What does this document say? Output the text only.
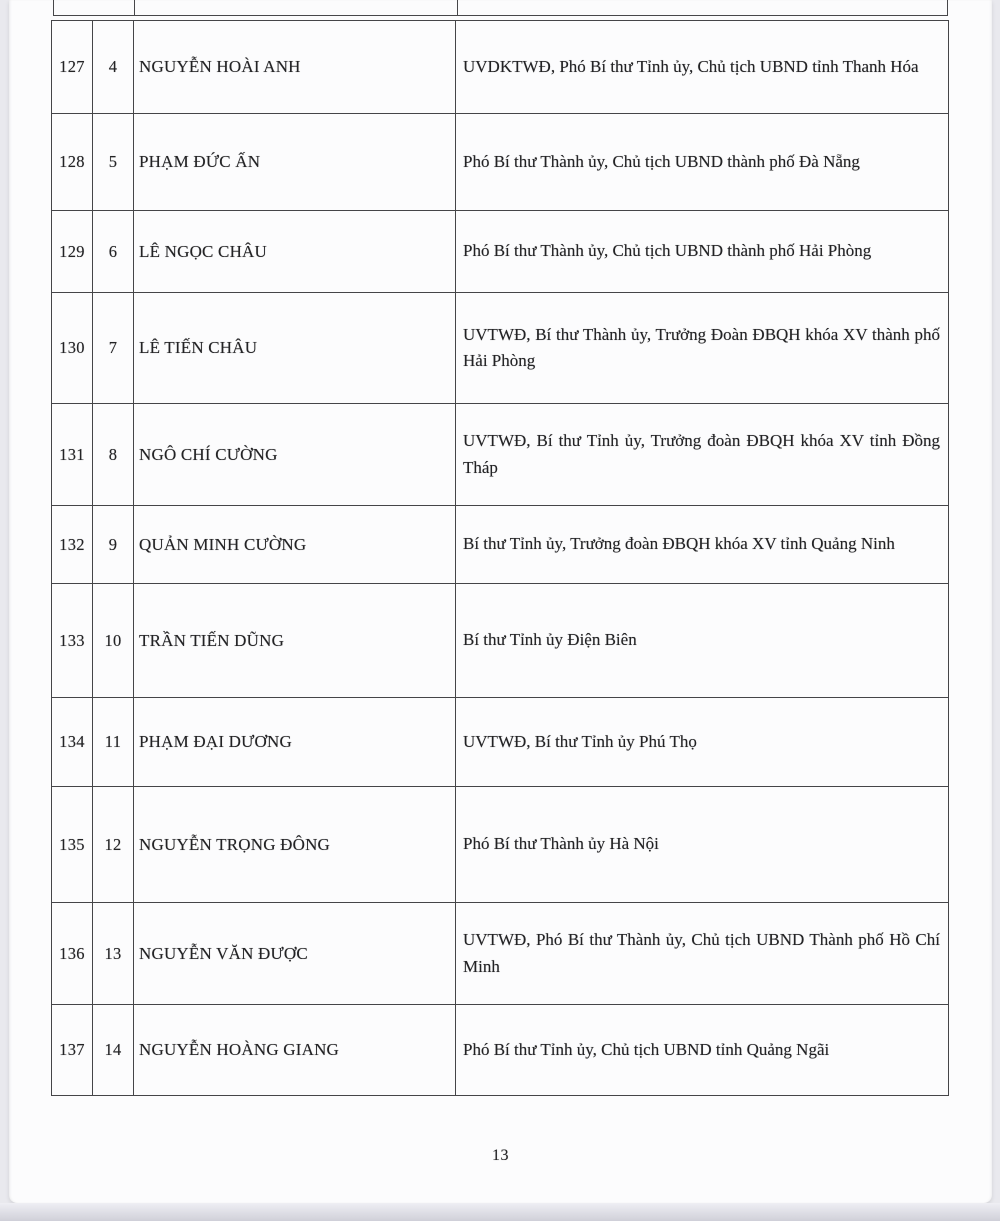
127	4	NGUYỄN HOÀI ANH	UVDKTWĐ, Phó Bí thư Tỉnh ủy, Chủ tịch UBND tỉnh Thanh Hóa
128	5	PHẠM ĐỨC ẤN	Phó Bí thư Thành ủy, Chủ tịch UBND thành phố Đà Nẵng
129	6	LÊ NGỌC CHÂU	Phó Bí thư Thành ủy, Chủ tịch UBND thành phố Hải Phòng
130	7	LÊ TIẾN CHÂU	UVTWĐ, Bí thư Thành ủy, Trưởng Đoàn ĐBQH khóa XV thành phố Hải Phòng
131	8	NGÔ CHÍ CƯỜNG	UVTWĐ, Bí thư Tỉnh ủy, Trưởng đoàn ĐBQH khóa XV tỉnh Đồng Tháp
132	9	QUẢN MINH CƯỜNG	Bí thư Tỉnh ủy, Trưởng đoàn ĐBQH khóa XV tỉnh Quảng Ninh
133	10	TRẦN TIẾN DŨNG	Bí thư Tỉnh ủy Điện Biên
134	11	PHẠM ĐẠI DƯƠNG	UVTWĐ, Bí thư Tỉnh ủy Phú Thọ
135	12	NGUYỄN TRỌNG ĐÔNG	Phó Bí thư Thành ủy Hà Nội
136	13	NGUYỄN VĂN ĐƯỢC	UVTWĐ, Phó Bí thư Thành ủy, Chủ tịch UBND Thành phố Hồ Chí Minh
137	14	NGUYỄN HOÀNG GIANG	Phó Bí thư Tỉnh ủy, Chủ tịch UBND tỉnh Quảng Ngãi
13
